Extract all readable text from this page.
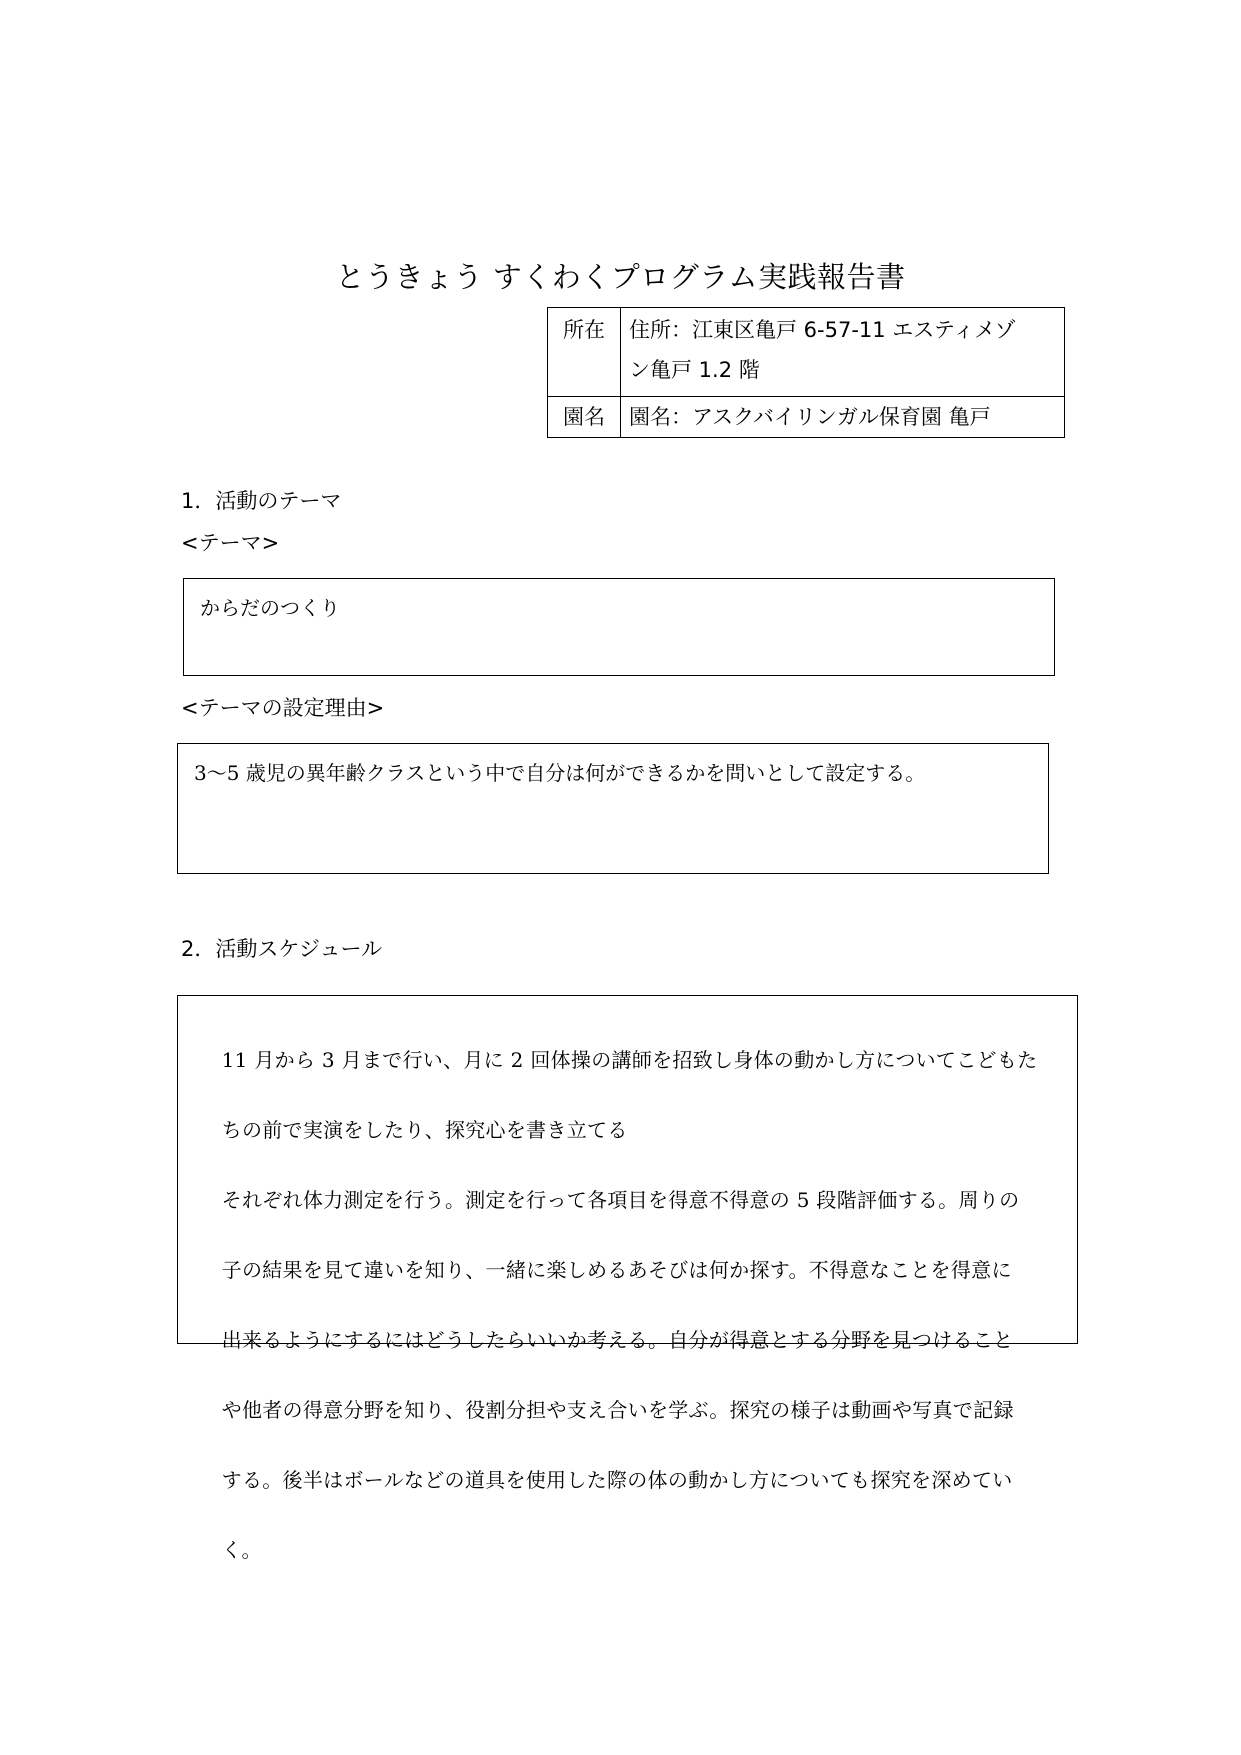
とうきょう すくわくプログラム実践報告書
所在	住所：江東区亀戸 6-57-11 エスティメゾ
ン亀戸 1.2 階

園名	園名：アスクバイリンガル保育園 亀戸
1．活動のテーマ
<テーマ>

からだのつくり

<テーマの設定理由>

3～5 歳児の異年齢クラスという中で自分は何ができるかを問いとして設定する。

2．活動スケジュール

11 月から 3 月まで行い、月に 2 回体操の講師を招致し身体の動かし方についてこどもた

ちの前で実演をしたり、探究心を書き立てる

それぞれ体力測定を行う。測定を行って各項目を得意不得意の 5 段階評価する。周りの

子の結果を見て違いを知り、一緒に楽しめるあそびは何か探す。不得意なことを得意に

出来るようにするにはどうしたらいいか考える。自分が得意とする分野を見つけること

や他者の得意分野を知り、役割分担や支え合いを学ぶ。探究の様子は動画や写真で記録

する。後半はボールなどの道具を使用した際の体の動かし方についても探究を深めてい

く。
